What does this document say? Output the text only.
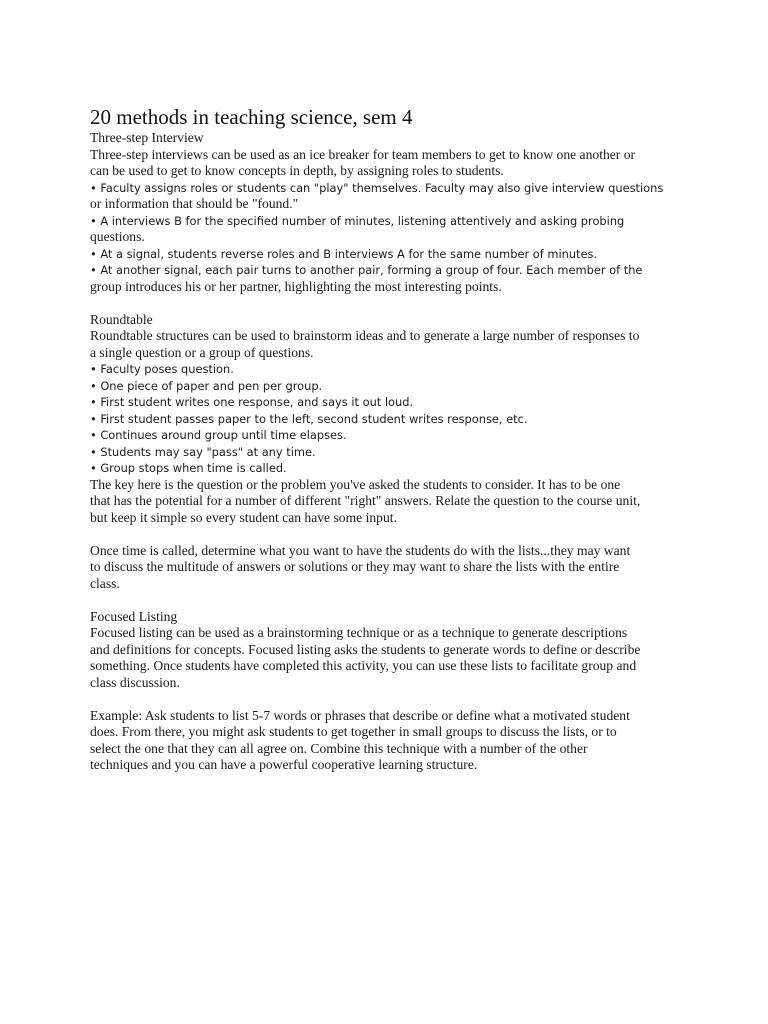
20 methods in teaching science, sem 4

Three-step Interview

Three-step interviews can be used as an ice breaker for team members to get to know one another or

can be used to get to know concepts in depth, by assigning roles to students.

• Faculty assigns roles or students can "play" themselves. Faculty may also give interview questions

or information that should be "found."

• A interviews B for the specified number of minutes, listening attentively and asking probing

questions.

• At a signal, students reverse roles and B interviews A for the same number of minutes.

• At another signal, each pair turns to another pair, forming a group of four. Each member of the

group introduces his or her partner, highlighting the most interesting points.

Roundtable

Roundtable structures can be used to brainstorm ideas and to generate a large number of responses to

a single question or a group of questions.

• Faculty poses question.

• One piece of paper and pen per group.

• First student writes one response, and says it out loud.

• First student passes paper to the left, second student writes response, etc.

• Continues around group until time elapses.

• Students may say "pass" at any time.

• Group stops when time is called.

The key here is the question or the problem you've asked the students to consider. It has to be one

that has the potential for a number of different "right" answers. Relate the question to the course unit,

but keep it simple so every student can have some input.

Once time is called, determine what you want to have the students do with the lists...they may want

to discuss the multitude of answers or solutions or they may want to share the lists with the entire

class.

Focused Listing

Focused listing can be used as a brainstorming technique or as a technique to generate descriptions

and definitions for concepts. Focused listing asks the students to generate words to define or describe

something. Once students have completed this activity, you can use these lists to facilitate group and

class discussion.

Example: Ask students to list 5-7 words or phrases that describe or define what a motivated student

does. From there, you might ask students to get together in small groups to discuss the lists, or to

select the one that they can all agree on. Combine this technique with a number of the other

techniques and you can have a powerful cooperative learning structure.
